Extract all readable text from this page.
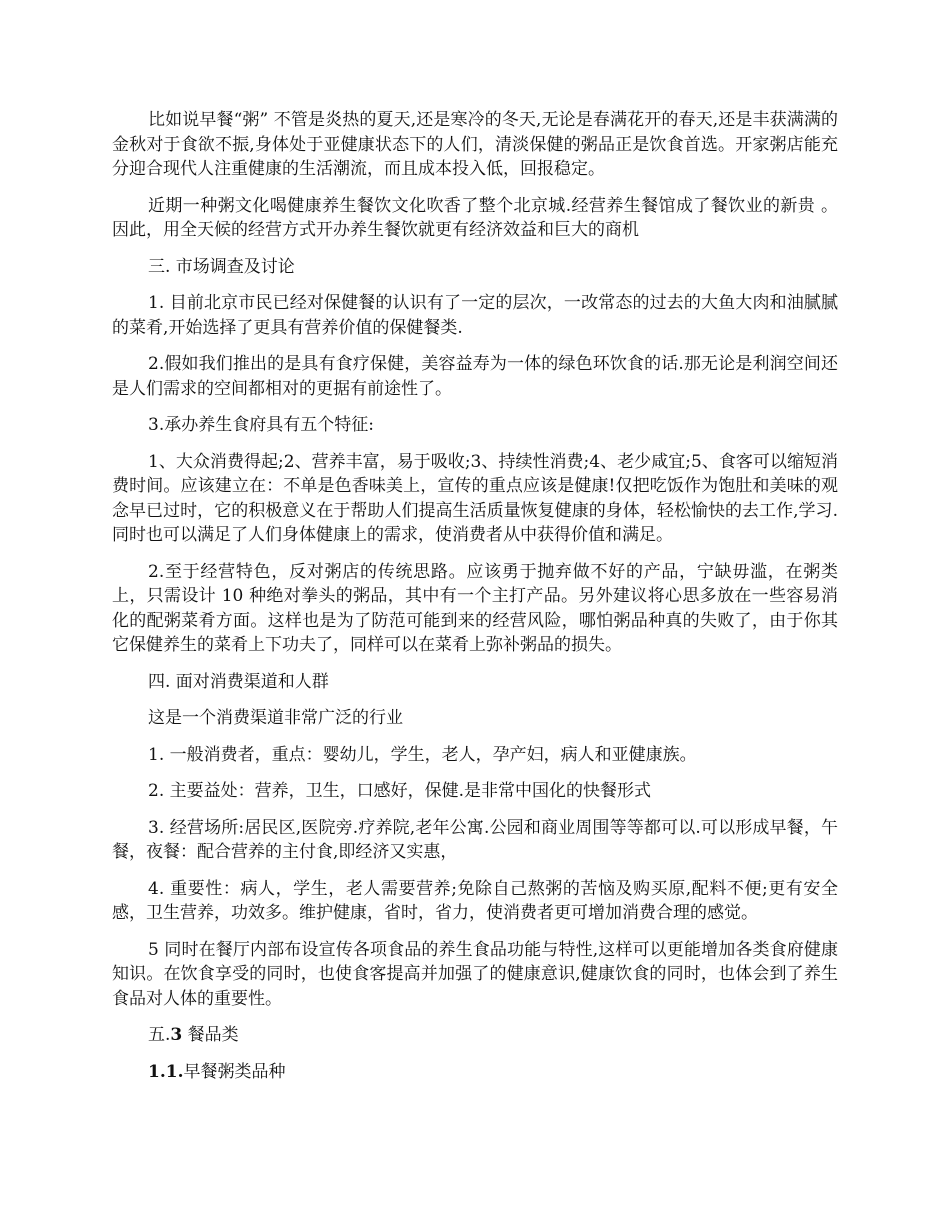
比如说早餐“粥” 不管是炎热的夏天,还是寒冷的冬天,无论是春满花开的春天,还是丰获满满的金秋对于食欲不振,身体处于亚健康状态下的人们，清淡保健的粥品正是饮食首选。开家粥店能充分迎合现代人注重健康的生活潮流，而且成本投入低，回报稳定。

近期一种粥文化喝健康养生餐饮文化吹香了整个北京城.经营养生餐馆成了餐饮业的新贵 。因此，用全天候的经营方式开办养生餐饮就更有经济效益和巨大的商机

三. 市场调查及讨论

1. 目前北京市民已经对保健餐的认识有了一定的层次，一改常态的过去的大鱼大肉和油腻腻的菜肴,开始选择了更具有营养价值的保健餐类.

2.假如我们推出的是具有食疗保健，美容益寿为一体的绿色环饮食的话.那无论是利润空间还是人们需求的空间都相对的更据有前途性了。

3.承办养生食府具有五个特征:

1、大众消费得起;2、营养丰富，易于吸收;3、持续性消费;4、老少咸宜;5、食客可以缩短消费时间。应该建立在：不单是色香味美上，宣传的重点应该是健康!仅把吃饭作为饱肚和美味的观念早已过时，它的积极意义在于帮助人们提高生活质量恢复健康的身体，轻松愉快的去工作,学习.同时也可以满足了人们身体健康上的需求，使消费者从中获得价值和满足。

2.至于经营特色，反对粥店的传统思路。应该勇于抛弃做不好的产品，宁缺毋滥，在粥类上，只需设计 10 种绝对拳头的粥品，其中有一个主打产品。另外建议将心思多放在一些容易消化的配粥菜肴方面。这样也是为了防范可能到来的经营风险，哪怕粥品种真的失败了，由于你其它保健养生的菜肴上下功夫了，同样可以在菜肴上弥补粥品的损失。

四. 面对消费渠道和人群

这是一个消费渠道非常广泛的行业

1. 一般消费者，重点：婴幼儿，学生，老人，孕产妇，病人和亚健康族。

2. 主要益处：营养，卫生，口感好，保健.是非常中国化的快餐形式

3. 经营场所:居民区,医院旁.疗养院,老年公寓.公园和商业周围等等都可以.可以形成早餐，午餐，夜餐：配合营养的主付食,即经济又实惠，

4. 重要性：病人，学生，老人需要营养;免除自己熬粥的苦恼及购买原,配料不便;更有安全感，卫生营养，功效多。维护健康，省时，省力，使消费者更可增加消费合理的感觉。

5 同时在餐厅内部布设宣传各项食品的养生食品功能与特性,这样可以更能增加各类食府健康知识。在饮食享受的同时，也使食客提高并加强了的健康意识,健康饮食的同时，也体会到了养生食品对人体的重要性。

五.3 餐品类

1.1.早餐粥类品种
